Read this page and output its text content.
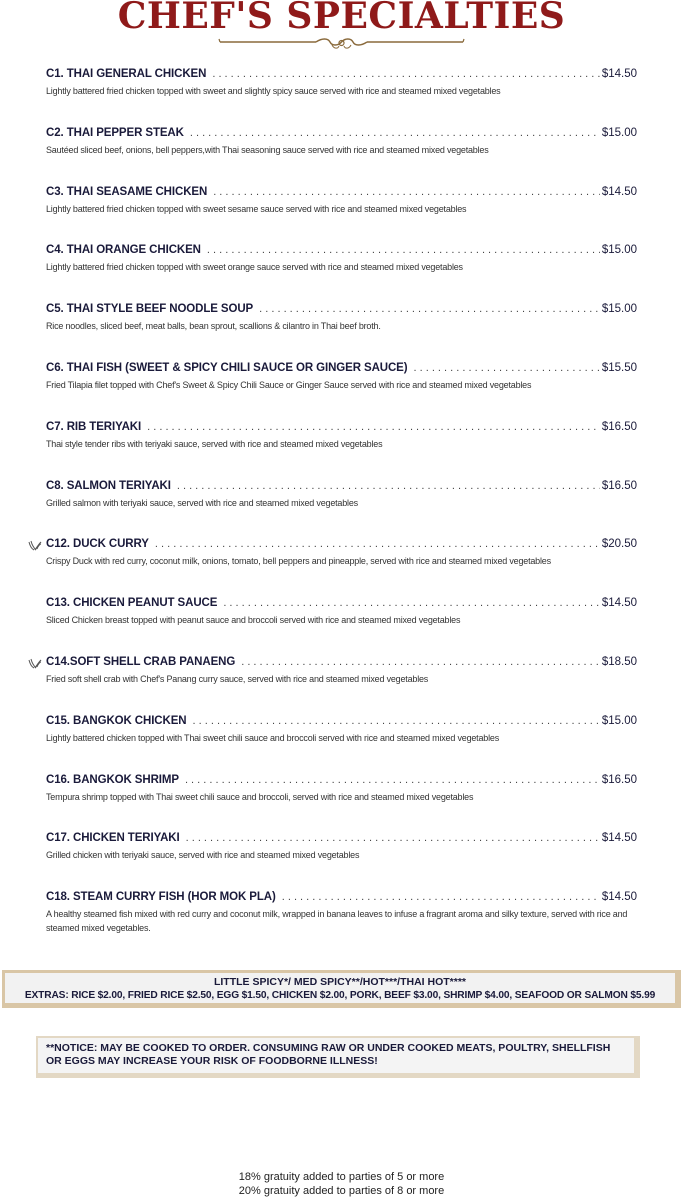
CHEF'S SPECIALTIES
C1. THAI GENERAL CHICKEN . . .	$14.50
Lightly battered fried chicken topped with sweet and slightly spicy sauce served with rice and steamed mixed vegetables
C2. THAI PEPPER STEAK . . .	$15.00
Sautéed sliced beef, onions, bell peppers,with Thai seasoning sauce served with rice and steamed mixed vegetables
C3. THAI SEASAME CHICKEN . . .	$14.50
Lightly battered fried chicken topped with sweet sesame sauce served with rice and steamed mixed vegetables
C4. THAI ORANGE CHICKEN . . .	$15.00
Lightly battered fried chicken topped with sweet orange sauce served with rice and steamed mixed vegetables
C5. THAI STYLE BEEF NOODLE SOUP . . .	$15.00
Rice noodles, sliced beef, meat balls, bean sprout, scallions & cilantro in Thai beef broth.
C6. THAI FISH (SWEET & SPICY CHILI SAUCE OR GINGER SAUCE) . . .	$15.50
Fried Tilapia filet topped with Chef's Sweet & Spicy Chili Sauce or Ginger Sauce served with rice and steamed mixed vegetables
C7. RIB TERIYAKI . . .	$16.50
Thai style tender ribs with teriyaki sauce, served with rice and steamed mixed vegetables
C8. SALMON TERIYAKI . . .	$16.50
Grilled salmon with teriyaki sauce, served with rice and steamed mixed vegetables
C12. DUCK CURRY . . .	$20.50
Crispy Duck with red curry, coconut milk, onions, tomato, bell peppers and pineapple, served with rice and steamed mixed vegetables
C13. CHICKEN PEANUT SAUCE . . .	$14.50
Sliced Chicken breast topped with peanut sauce and broccoli served with rice and steamed mixed vegetables
C14.SOFT SHELL CRAB PANAENG . . .	$18.50
Fried soft shell crab with Chef's Panang curry sauce, served with rice and steamed mixed vegetables
C15. BANGKOK CHICKEN . . .	$15.00
Lightly battered chicken topped with Thai sweet chili sauce and broccoli served with rice and steamed mixed vegetables
C16. BANGKOK SHRIMP . . .	$16.50
Tempura shrimp topped with Thai sweet chili sauce and broccoli, served with rice and steamed mixed vegetables
C17. CHICKEN TERIYAKI . . .	$14.50
Grilled chicken with teriyaki sauce, served with rice and steamed mixed vegetables
C18. STEAM CURRY FISH (HOR MOK PLA) . . .	$14.50
A healthy steamed fish mixed with red curry and coconut milk, wrapped in banana leaves to infuse a fragrant aroma and silky texture, served with rice and steamed mixed vegetables.
LITTLE SPICY*/ MED SPICY**/HOT***/THAI HOT****
EXTRAS: RICE $2.00, FRIED RICE $2.50, EGG $1.50, CHICKEN $2.00, PORK, BEEF $3.00, SHRIMP $4.00, SEAFOOD OR SALMON $5.99
**NOTICE: MAY BE COOKED TO ORDER. CONSUMING RAW OR UNDER COOKED MEATS, POULTRY, SHELLFISH
OR EGGS MAY INCREASE YOUR RISK OF FOODBORNE ILLNESS!
18% gratuity added to parties of 5 or more
20% gratuity added to parties of 8 or more
